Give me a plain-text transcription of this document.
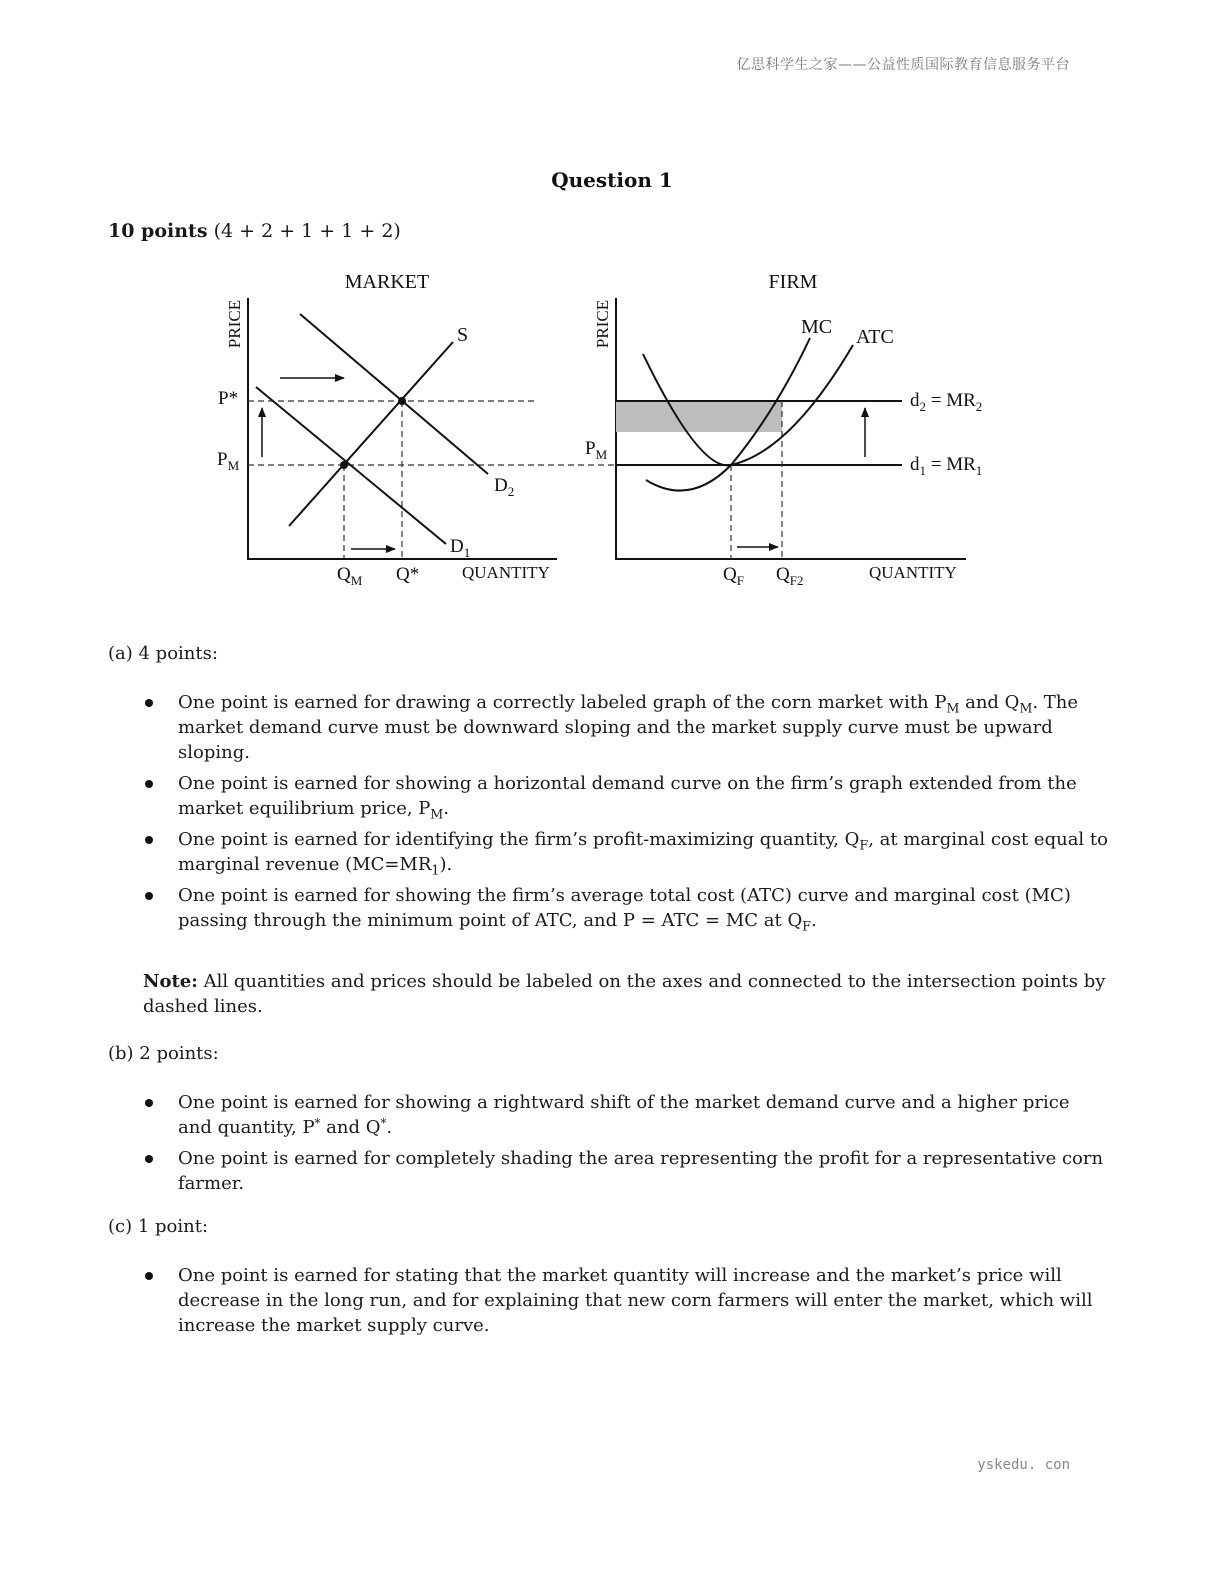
亿思科学生之家——公益性质国际教育信息服务平台
Question 1
10 points (4 + 2 + 1 + 1 + 2)
MARKET
PRICE	S
P*
$P_M$
$D_2$
$D_1$
$Q_M$ Q*	QUANTITY
FIRM
PRICE	MC ATC
$P_M$
$d_2 = MR_2$
$d_1 = MR_1$
$Q_F$ $Q_{F2}$	QUANTITY
(a) 4 points:
One point is earned for drawing a correctly labeled graph of the corn market with $P_M$ and $Q_M$. The market demand curve must be downward sloping and the market supply curve must be upward sloping.
One point is earned for showing a horizontal demand curve on the firm’s graph extended from the market equilibrium price, $P_M$.
One point is earned for identifying the firm’s profit-maximizing quantity, $Q_F$, at marginal cost equal to marginal revenue $(MC=MR_1)$.
One point is earned for showing the firm’s average total cost (ATC) curve and marginal cost (MC) passing through the minimum point of ATC, and P = ATC = MC at $Q_F$.
Note: All quantities and prices should be labeled on the axes and connected to the intersection points by dashed lines.
(b) 2 points:
One point is earned for showing a rightward shift of the market demand curve and a higher price and quantity, P* and Q*.
One point is earned for completely shading the area representing the profit for a representative corn farmer.
(c) 1 point:
One point is earned for stating that the market quantity will increase and the market’s price will decrease in the long run, and for explaining that new corn farmers will enter the market, which will increase the market supply curve.
yskedu. con
